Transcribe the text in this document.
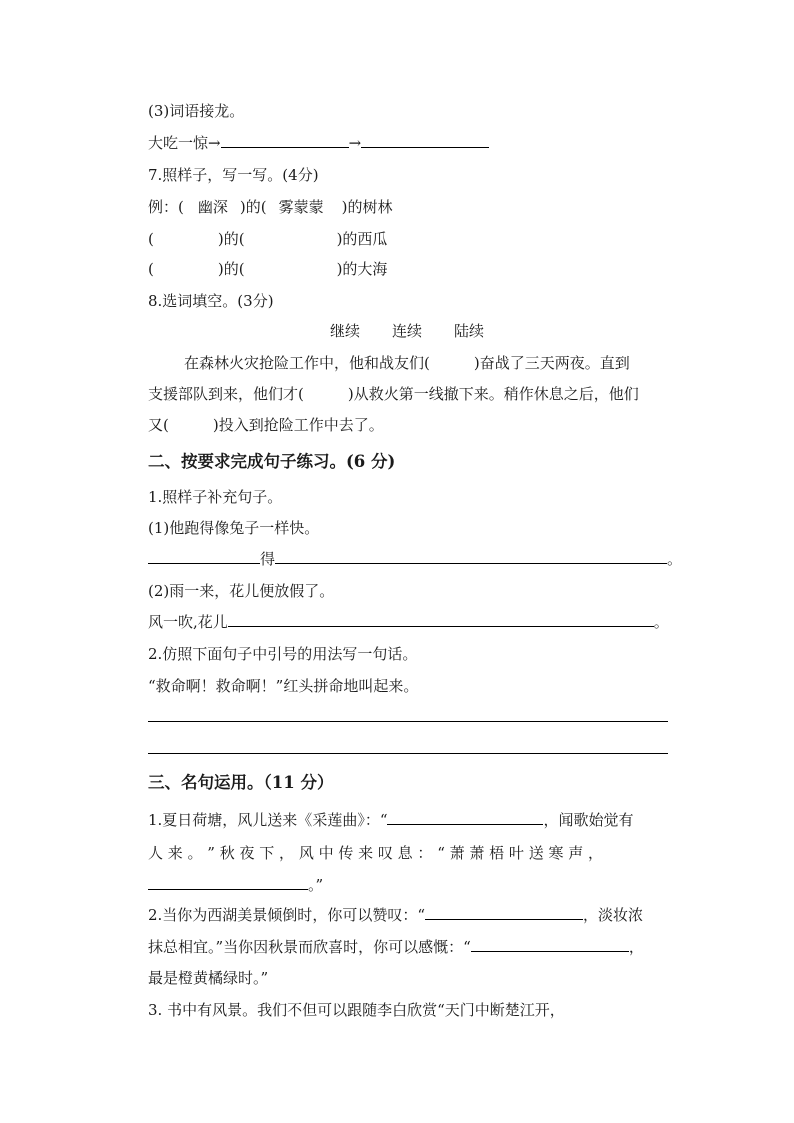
(3)词语接龙。
大吃一惊→	→
7.照样子，写一写。(4分)
例：( 幽深 )的( 雾蒙蒙 )的树林
(	)的(	)的西瓜
(	)的(	)的大海
8.选词填空。(3分)
继续 连续 陆续
在森林火灾抢险工作中，他和战友们(	)奋战了三天两夜。直到
支援部队到来，他们才(	)从救火第一线撤下来。稍作休息之后，他们
又(	)投入到抢险工作中去了。
二、按要求完成句子练习。(6 分)
1.照样子补充句子。
(1)他跑得像兔子一样快。
得	。
(2)雨一来，花儿便放假了。
风一吹,花儿	。
2.仿照下面句子中引号的用法写一句话。
“救命啊！救命啊！”红头拼命地叫起来。
三、名句运用。（11 分）
1.夏日荷塘，风儿送来《采莲曲》：“	，闻歌始觉有
人 来 。 ” 秋 夜 下 ， 风 中 传 来 叹 息 ： “ 萧 萧 梧 叶 送 寒 声 ，
。”
2.当你为西湖美景倾倒时，你可以赞叹：“	，淡妆浓
抹总相宜。”当你因秋景而欣喜时，你可以感慨：“	，
最是橙黄橘绿时。”
3. 书中有风景。我们不但可以跟随李白欣赏“天门中断楚江开，
